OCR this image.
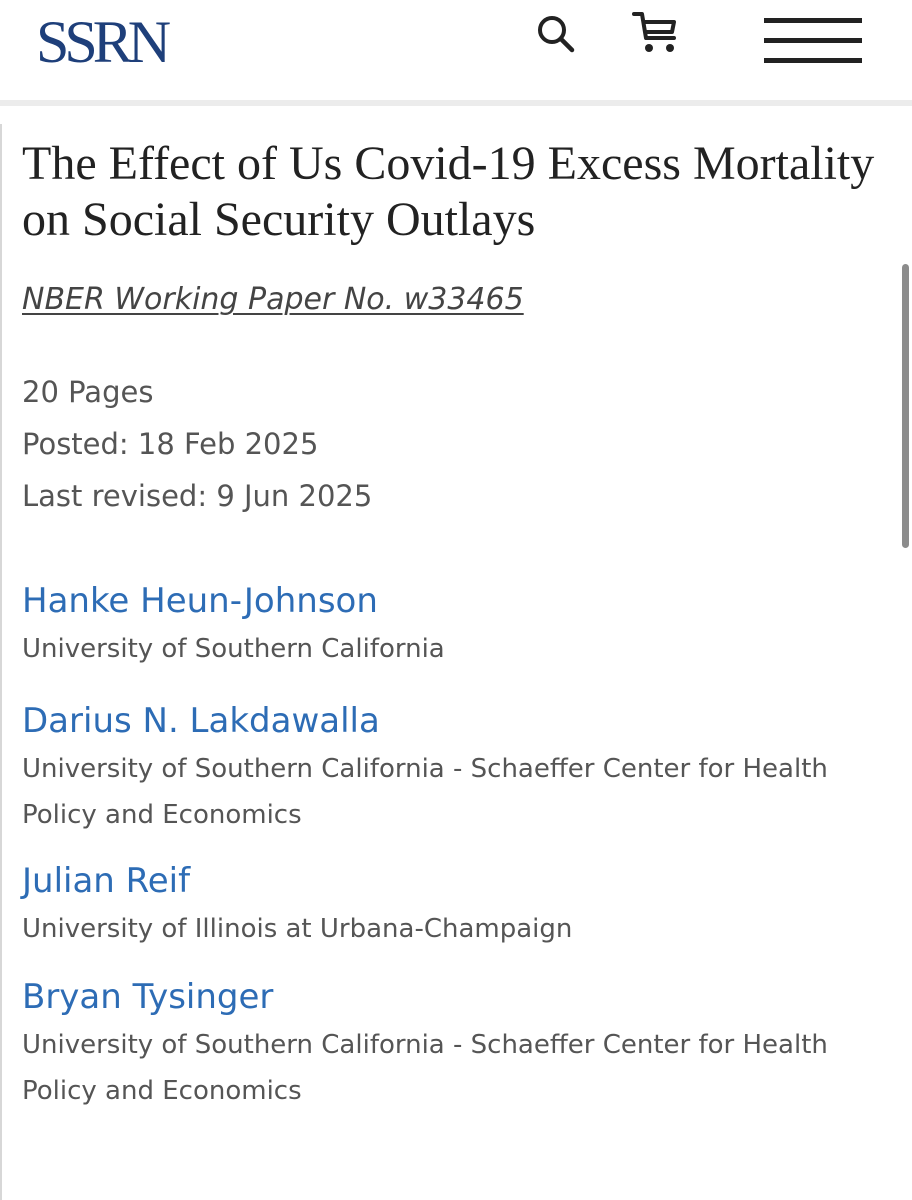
SSRN
The Effect of Us Covid-19 Excess Mortality on Social Security Outlays
NBER Working Paper No. w33465
20 Pages
Posted: 18 Feb 2025
Last revised: 9 Jun 2025
Hanke Heun-Johnson
University of Southern California
Darius N. Lakdawalla
University of Southern California - Schaeffer Center for Health Policy and Economics
Julian Reif
University of Illinois at Urbana-Champaign
Bryan Tysinger
University of Southern California - Schaeffer Center for Health Policy and Economics
